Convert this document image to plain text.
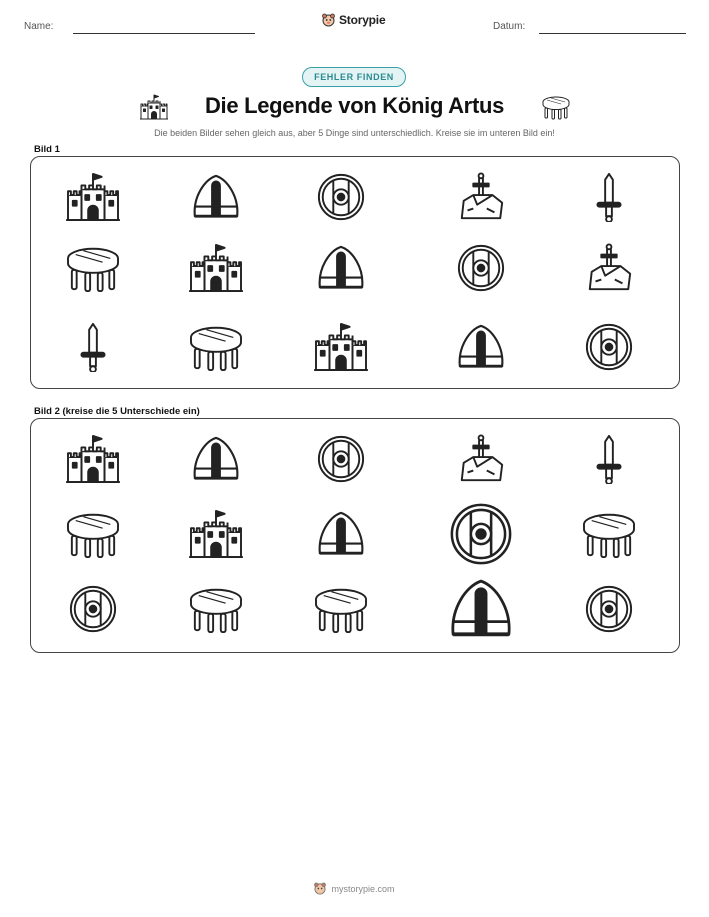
Name:	Storypie	Datum:
FEHLER FINDEN
Die Legende von König Artus
Die beiden Bilder sehen gleich aus, aber 5 Dinge sind unterschiedlich. Kreise sie im unteren Bild ein!
Bild 1
Bild 2 (kreise die 5 Unterschiede ein)
mystorypie.com
